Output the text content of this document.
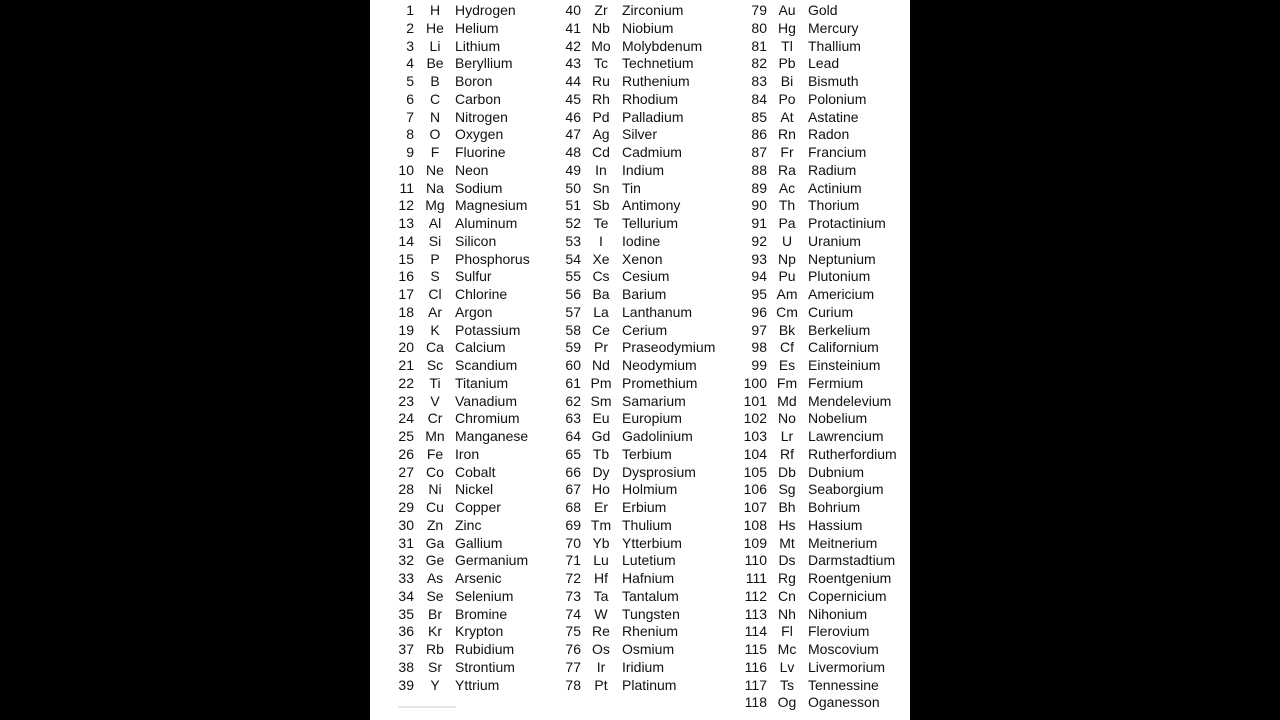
1	H	Hydrogen
2 He Helium
3	Li	Lithium
4 Be Beryllium
5	B	Boron
6	C	Carbon
7	N	Nitrogen
8	O	Oxygen
9	F	Fluorine
10 Ne Neon
11 Na Sodium
12 Mg Magnesium
13	Al Aluminum
14	Si Silicon
15	P	Phosphorus
16	S	Sulfur
17	Cl Chlorine
18	Ar Argon
19	K	Potassium
20 Ca Calcium
21 Sc Scandium
22	Ti	Titanium
23	V	Vanadium
24 Cr Chromium
25 Mn Manganese
26 Fe Iron
27 Co Cobalt
28	Ni Nickel
29 Cu Copper
30 Zn Zinc
31 Ga Gallium
32 Ge Germanium
33 As Arsenic
34 Se Selenium
35	Br Bromine
36	Kr Krypton
37 Rb Rubidium
38	Sr Strontium
39	Y	Yttrium
40 Zr	Zirconium
41 Nb Niobium
42 Mo Molybdenum
43 Tc	Technetium
44 Ru Ruthenium
45 Rh Rhodium
46 Pd Palladium
47 Ag Silver
48 Cd Cadmium
49	In	Indium
50 Sn Tin
51 Sb Antimony
52 Te Tellurium
53	I	Iodine
54 Xe Xenon
55 Cs Cesium
56 Ba Barium
57 La Lanthanum
58 Ce Cerium
59 Pr	Praseodymium
60 Nd Neodymium
61 Pm Promethium
62 Sm Samarium
63 Eu Europium
64 Gd Gadolinium
65 Tb Terbium
66 Dy Dysprosium
67 Ho Holmium
68 Er	Erbium
69 Tm Thulium
70 Yb Ytterbium
71 Lu Lutetium
72 Hf	Hafnium
73 Ta Tantalum
74 W	Tungsten
75 Re Rhenium
76 Os Osmium
77	Ir	Iridium
78 Pt	Platinum
79 Au Gold
80 Hg Mercury
81	Tl	Thallium
82 Pb Lead
83 Bi	Bismuth
84 Po Polonium
85 At	Astatine
86 Rn Radon
87 Fr	Francium
88 Ra Radium
89 Ac Actinium
90 Th Thorium
91 Pa Protactinium
92	U	Uranium
93 Np Neptunium
94 Pu Plutonium
95 Am Americium
96 Cm Curium
97 Bk Berkelium
98 Cf	Californium
99 Es Einsteinium
100 Fm Fermium
101 Md Mendelevium
102 No Nobelium
103 Lr	Lawrencium
104 Rf	Rutherfordium
105 Db Dubnium
106 Sg Seaborgium
107 Bh Bohrium
108 Hs Hassium
109 Mt Meitnerium
110 Ds Darmstadtium
111 Rg Roentgenium
112 Cn Copernicium
113 Nh Nihonium
114	Fl	Flerovium
115 Mc Moscovium
116 Lv Livermorium
117 Ts	Tennessine
118 Og Oganesson
